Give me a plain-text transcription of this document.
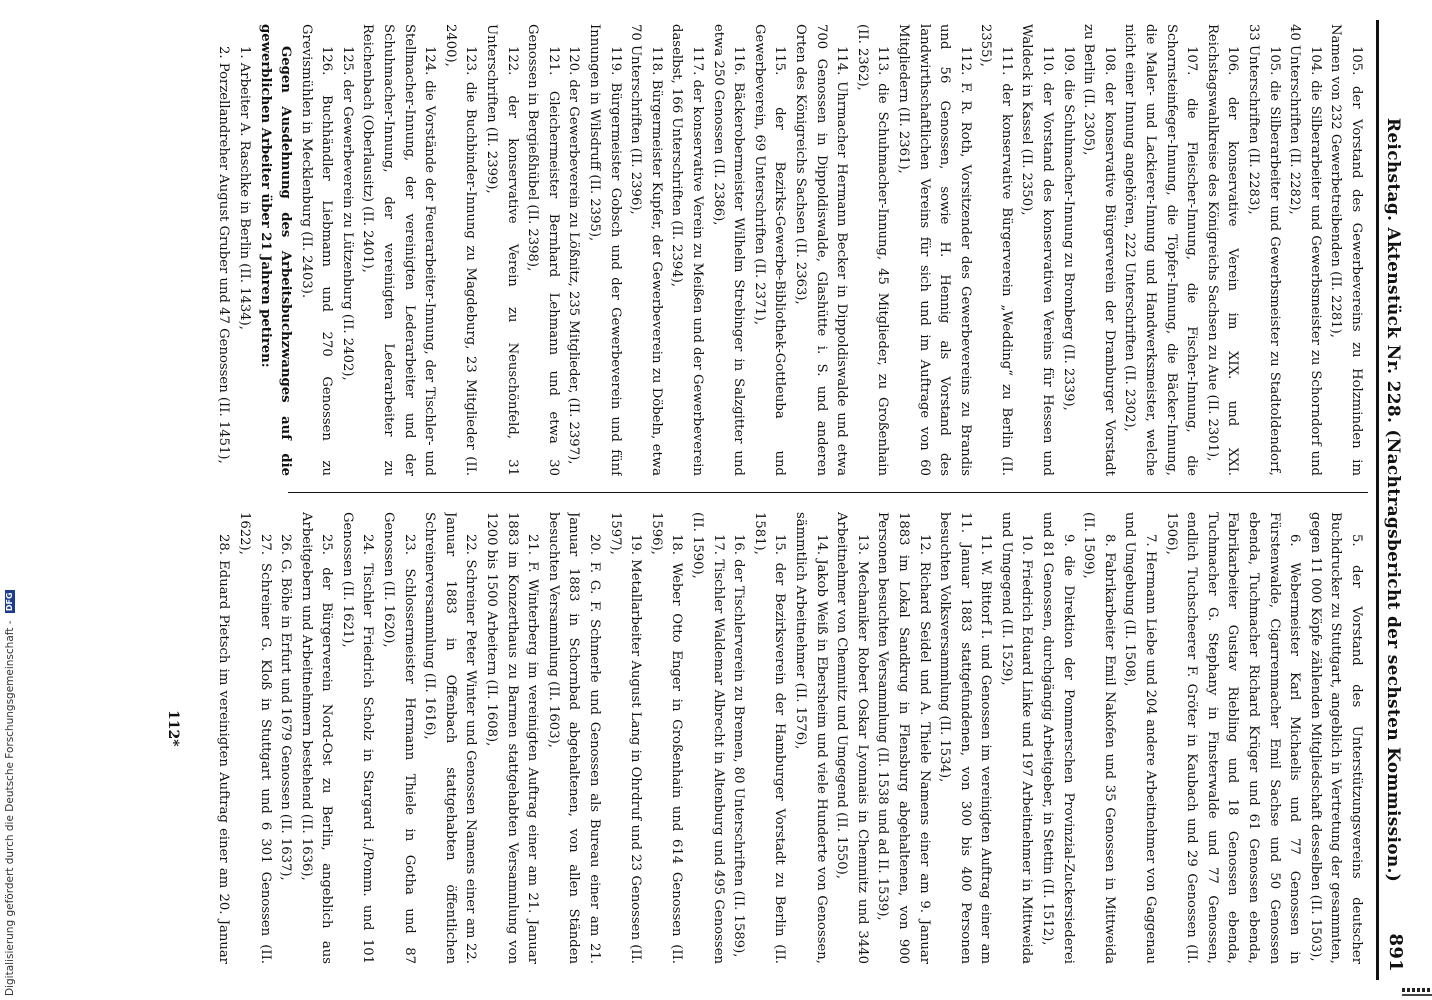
Reichstag. Aktenstück Nr. 228. (Nachtragsbericht der sechsten Kommission.)
891

105. der Vorstand des Gewerbevereins zu Holzminden im Namen von 232 Gewerbetreibenden (II. 2281),

104. die Silberarbeiter und Gewerbsmeister zu Schorndorf und 40 Unterschriften (II. 2282),

105. die Silberarbeiter und Gewerbsmeister zu Stadtoldendorf, 33 Unterschriften (II. 2283),

106. der konservative Verein im XIX. und XXI. Reichstagswahlkreise des Königreichs Sachsen zu Aue (II. 2301),

107. die Fleischer-Innung, die Fischer-Innung, die Schornsteinfeger-Innung, die Töpfer-Innung, die Bäcker-Innung, die Maler- und Lackierer-Innung und Handwerksmeister, welche nicht einer Innung angehören, 222 Unterschriften (II. 2302),

108. der konservative Bürgerverein der Dramburger Vorstadt zu Berlin (II. 2305),

109. die Schuhmacher-Innung zu Bromberg (II. 2339),

110. der Vorstand des konservativen Vereins für Hessen und Waldeck in Kassel (II. 2350),

111. der konservative Bürgerverein „Wedding“ zu Berlin (II. 2355),

112. F. R. Roth, Vorsitzender des Gewerbevereins zu Brandis und 56 Genossen, sowie H. Hennig als Vorstand des landwirthschaftlichen Vereins für sich und im Auftrage von 60 Mitgliedern (II. 2361),

113. die Schuhmacher-Innung, 45 Mitglieder, zu Großenhain (II. 2362),

114. Uhrmacher Hermann Becker in Dippoldiswalde und etwa 700 Genossen in Dippoldiswalde, Glashütte i. S. und anderen Orten des Königreichs Sachsen (II. 2363),

115. der Bezirks-Gewerbe-Bibliothek-Gottleuba und Gewerbeverein, 69 Unterschriften (II. 2371),

116. Bäckerobermeister Wilhelm Strebinger in Salzgitter und etwa 250 Genossen (II. 2386),

117. der konservative Verein zu Meißen und der Gewerbeverein daselbst, 166 Unterschriften (II. 2394),

118. Bürgermeister Kupfer, der Gewerbeverein zu Döbeln, etwa 70 Unterschriften (II. 2396),

119. Bürgermeister Gobsch und der Gewerbeverein und fünf Innungen in Wilsdruff (II. 2395),

120. der Gewerbeverein zu Lößnitz, 235 Mitglieder, (II. 2397),

121. Gleichermeister Bernhard Lehmann und etwa 30 Genossen in Bergießhübel (II. 2398),

122. der konservative Verein zu Neuschönfeld, 31 Unterschriften (II. 2399),

123. die Buchbinder-Innung zu Magdeburg, 23 Mitglieder (II. 2400),

124. die Vorstände der Feuerarbeiter-Innung, der Tischler- und Stellmacher-Innung, der vereinigten Lederarbeiter und der Schuhmacher-Innung, der vereinigten Lederarbeiter zu Reichenbach (Oberlausitz) (II. 2401),

125. der Gewerbeverein zu Lützenburg (II. 2402),

126. Buchhändler Liebmann und 270 Genossen zu Grevismühlen in Mecklenburg (II. 2403).

Gegen Ausdehnung des Arbeitsbuchzwanges auf die gewerblichen Arbeiter über 21 Jahren petiren:

1. Arbeiter A. Raschke in Berlin (II. 1434),

2. Porzellandreher August Gruber und 47 Genossen (II. 1451),

5. der Vorstand des Unterstützungsvereins deutscher Buchdrucker zu Stuttgart, angeblich in Vertretung der gesammten, gegen 11 000 Köpfe zählenden Mitgliedschaft desselben (II. 1503),

6. Webermeister Karl Michaelis und 77 Genossen in Fürstenwalde, Cigarrenmacher Emil Sachse und 50 Genossen ebenda, Tuchmacher Richard Krüger und 61 Genossen ebenda, Fabrikarbeiter Gustav Riebling und 18 Genossen ebenda, Tuchmacher G. Stephany in Finsterwalde und 77 Genossen, endlich Tuchscheerer F. Gröter in Kaubach und 29 Genossen (II. 1506),

7. Hermann Liebe und 204 andere Arbeitnehmer von Gaggenau und Umgebung (II. 1508),

8. Fabrikarbeiter Emil Nakofen und 35 Genossen in Mittweida (II. 1509),

9. die Direktion der Pommerschen Provinzial-Zuckersiederei und 81 Genossen, durchgängig Arbeitgeber, in Stettin (II. 1512),

10. Friedrich Eduard Linke und 197 Arbeitnehmer in Mittweida und Umgegend (II. 1529),

11. W. Bittorf I. und Genossen im vereinigten Auftrag einer am 11. Januar 1883 stattgefundenen, von 300 bis 400 Personen besuchten Volksversammlung (II. 1534),

12. Richard Seidel und A. Thiele Namens einer am 9. Januar 1883 im Lokal Sandkrug in Flensburg abgehaltenen, von 900 Personen besuchten Versammlung (II. 1538 und ad II. 1539),

13. Mechaniker Robert Oskar Lyonnais in Chemnitz und 3440 Arbeitnehmer von Chemnitz und Umgegend (II. 1550),

14. Jakob Weiß in Ebersheim und viele Hunderte von Genossen, sämmtlich Arbeitnehmer (II. 1576),

15. der Bezirksverein der Hamburger Vorstadt zu Berlin (II. 1581),

16. der Tischlerverein zu Bremen, 80 Unterschriften (II. 1589),

17. Tischler Waldemar Albrecht in Altenburg und 495 Genossen (II. 1590),

18. Weber Otto Enger in Großenhain und 614 Genossen (II. 1596),

19. Metallarbeiter August Lang in Ohrdruf und 23 Genossen (II. 1597),

20. F. G. F. Schmerle und Genossen als Bureau einer am 21. Januar 1883 in Schornbad abgehaltenen, von allen Ständen besuchten Versammlung (II. 1603),

21. F. Winterberg im vereinigten Auftrag einer am 21. Januar 1883 im Konzerthaus zu Barmen stattgehabten Versammlung von 1200 bis 1500 Arbeitern (II. 1608),

22. Schreiner Peter Winter und Genossen Namens einer am 22. Januar 1883 in Offenbach stattgehabten öffentlichen Schreinerversammlung (II. 1616),

23. Schlossermeister Hermann Thiele in Gotha und 87 Genossen (II. 1620),

24. Tischler Friedrich Scholz in Stargard i./Pomm. und 101 Genossen (II. 1621),

25. der Bürgerverein Nord-Ost zu Berlin, angeblich aus Arbeitgebern und Arbeitnehmern bestehend (II. 1636),

26. G. Böhe in Erfurt und 1679 Genossen (II. 1637),

27. Schreiner G. Kloß in Stuttgart und 6 301 Genossen (II. 1622),

28. Eduard Pietsch im vereinigten Auftrag einer am 20. Januar

112*
Digitalisierung gefördert durch die Deutsche Forschungsgemeinschaft - DFG
